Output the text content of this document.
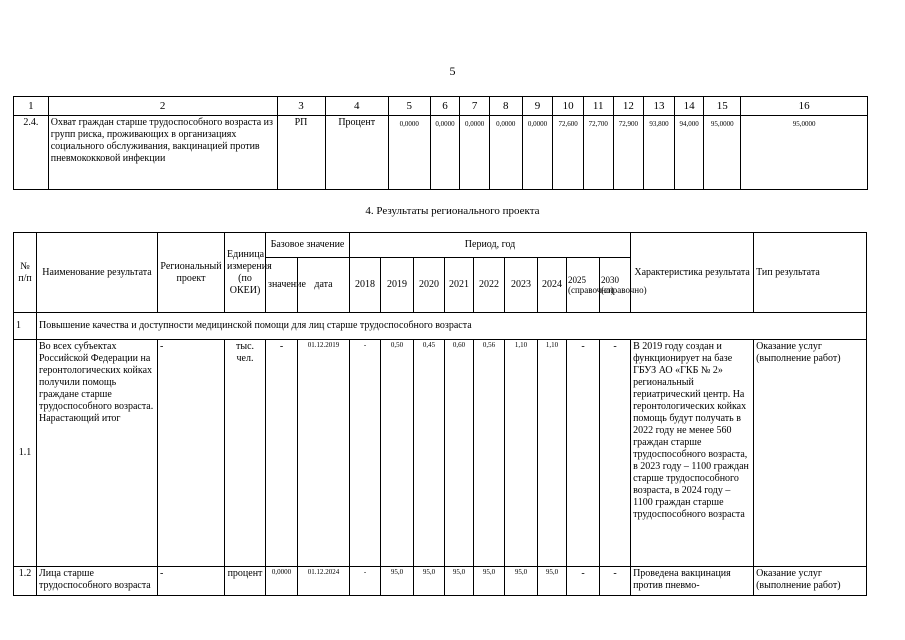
5
1	2	3	4	5	6	7	8	9	10	11	12	13	14	15	16
2.4.	Охват граждан старше трудоспособного возраста из групп риска, проживающих в организациях социального обслуживания, вакцинацией против пневмококковой инфекции	РП	Процент	0,0000	0,0000	0,0000	0,0000	0,0000	72,600	72,700	72,900	93,800	94,000	95,0000	95,0000
4. Результаты регионального проекта
№ п/п	Наименование результата	Региональный проект	Единица измерения (по ОКЕИ)	Базовое значение		Период, год									Характеристика результата	Тип результата
				значение	дата	2018	2019	2020	2021	2022	2023	2024	2025 (справочно)	2030 (справочно)		
1	Повышение качества и доступности медицинской помощи для лиц старше трудоспособного возраста															
1.1	Во всех субъектах Российской Федерации на геронтологических койках получили помощь граждане старше трудоспособного возраста. Нарастающий итог	-	тыс. чел.	-	01.12.2019	-	0,50	0,45	0,60	0,56	1,10	1,10	-	-	В 2019 году создан и функционирует на базе ГБУЗ АО «ГКБ № 2» региональный гериатрический центр. На геронтологических койках помощь будут получать в 2022 году не менее 560 граждан старше трудоспособного возраста, в 2023 году – 1100 граждан старше трудоспособного возраста, в 2024 году – 1100 граждан старше трудоспособного возраста	Оказание услуг (выполнение работ)
1.2	Лица старше трудоспособного возраста	-	процент	0,0000	01.12.2024	-	95,0	95,0	95,0	95,0	95,0	95,0	-	-	Проведена вакцинация против пневмо-	Оказание услуг (выполнение работ)
